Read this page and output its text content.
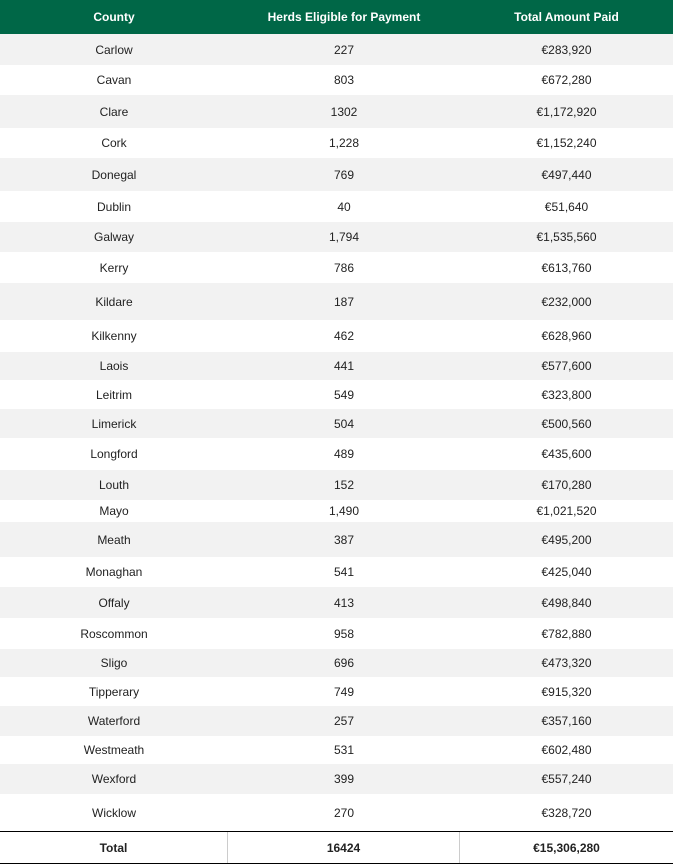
County	Herds Eligible for Payment	Total Amount Paid
Carlow	227	€283,920
Cavan	803	€672,280
Clare	1302	€1,172,920
Cork	1,228	€1,152,240
Donegal	769	€497,440
Dublin	40	€51,640
Galway	1,794	€1,535,560
Kerry	786	€613,760
Kildare	187	€232,000
Kilkenny	462	€628,960
Laois	441	€577,600
Leitrim	549	€323,800
Limerick	504	€500,560
Longford	489	€435,600
Louth	152	€170,280
Mayo	1,490	€1,021,520
Meath	387	€495,200
Monaghan	541	€425,040
Offaly	413	€498,840
Roscommon	958	€782,880
Sligo	696	€473,320
Tipperary	749	€915,320
Waterford	257	€357,160
Westmeath	531	€602,480
Wexford	399	€557,240
Wicklow	270	€328,720
Total	16424	€15,306,280
